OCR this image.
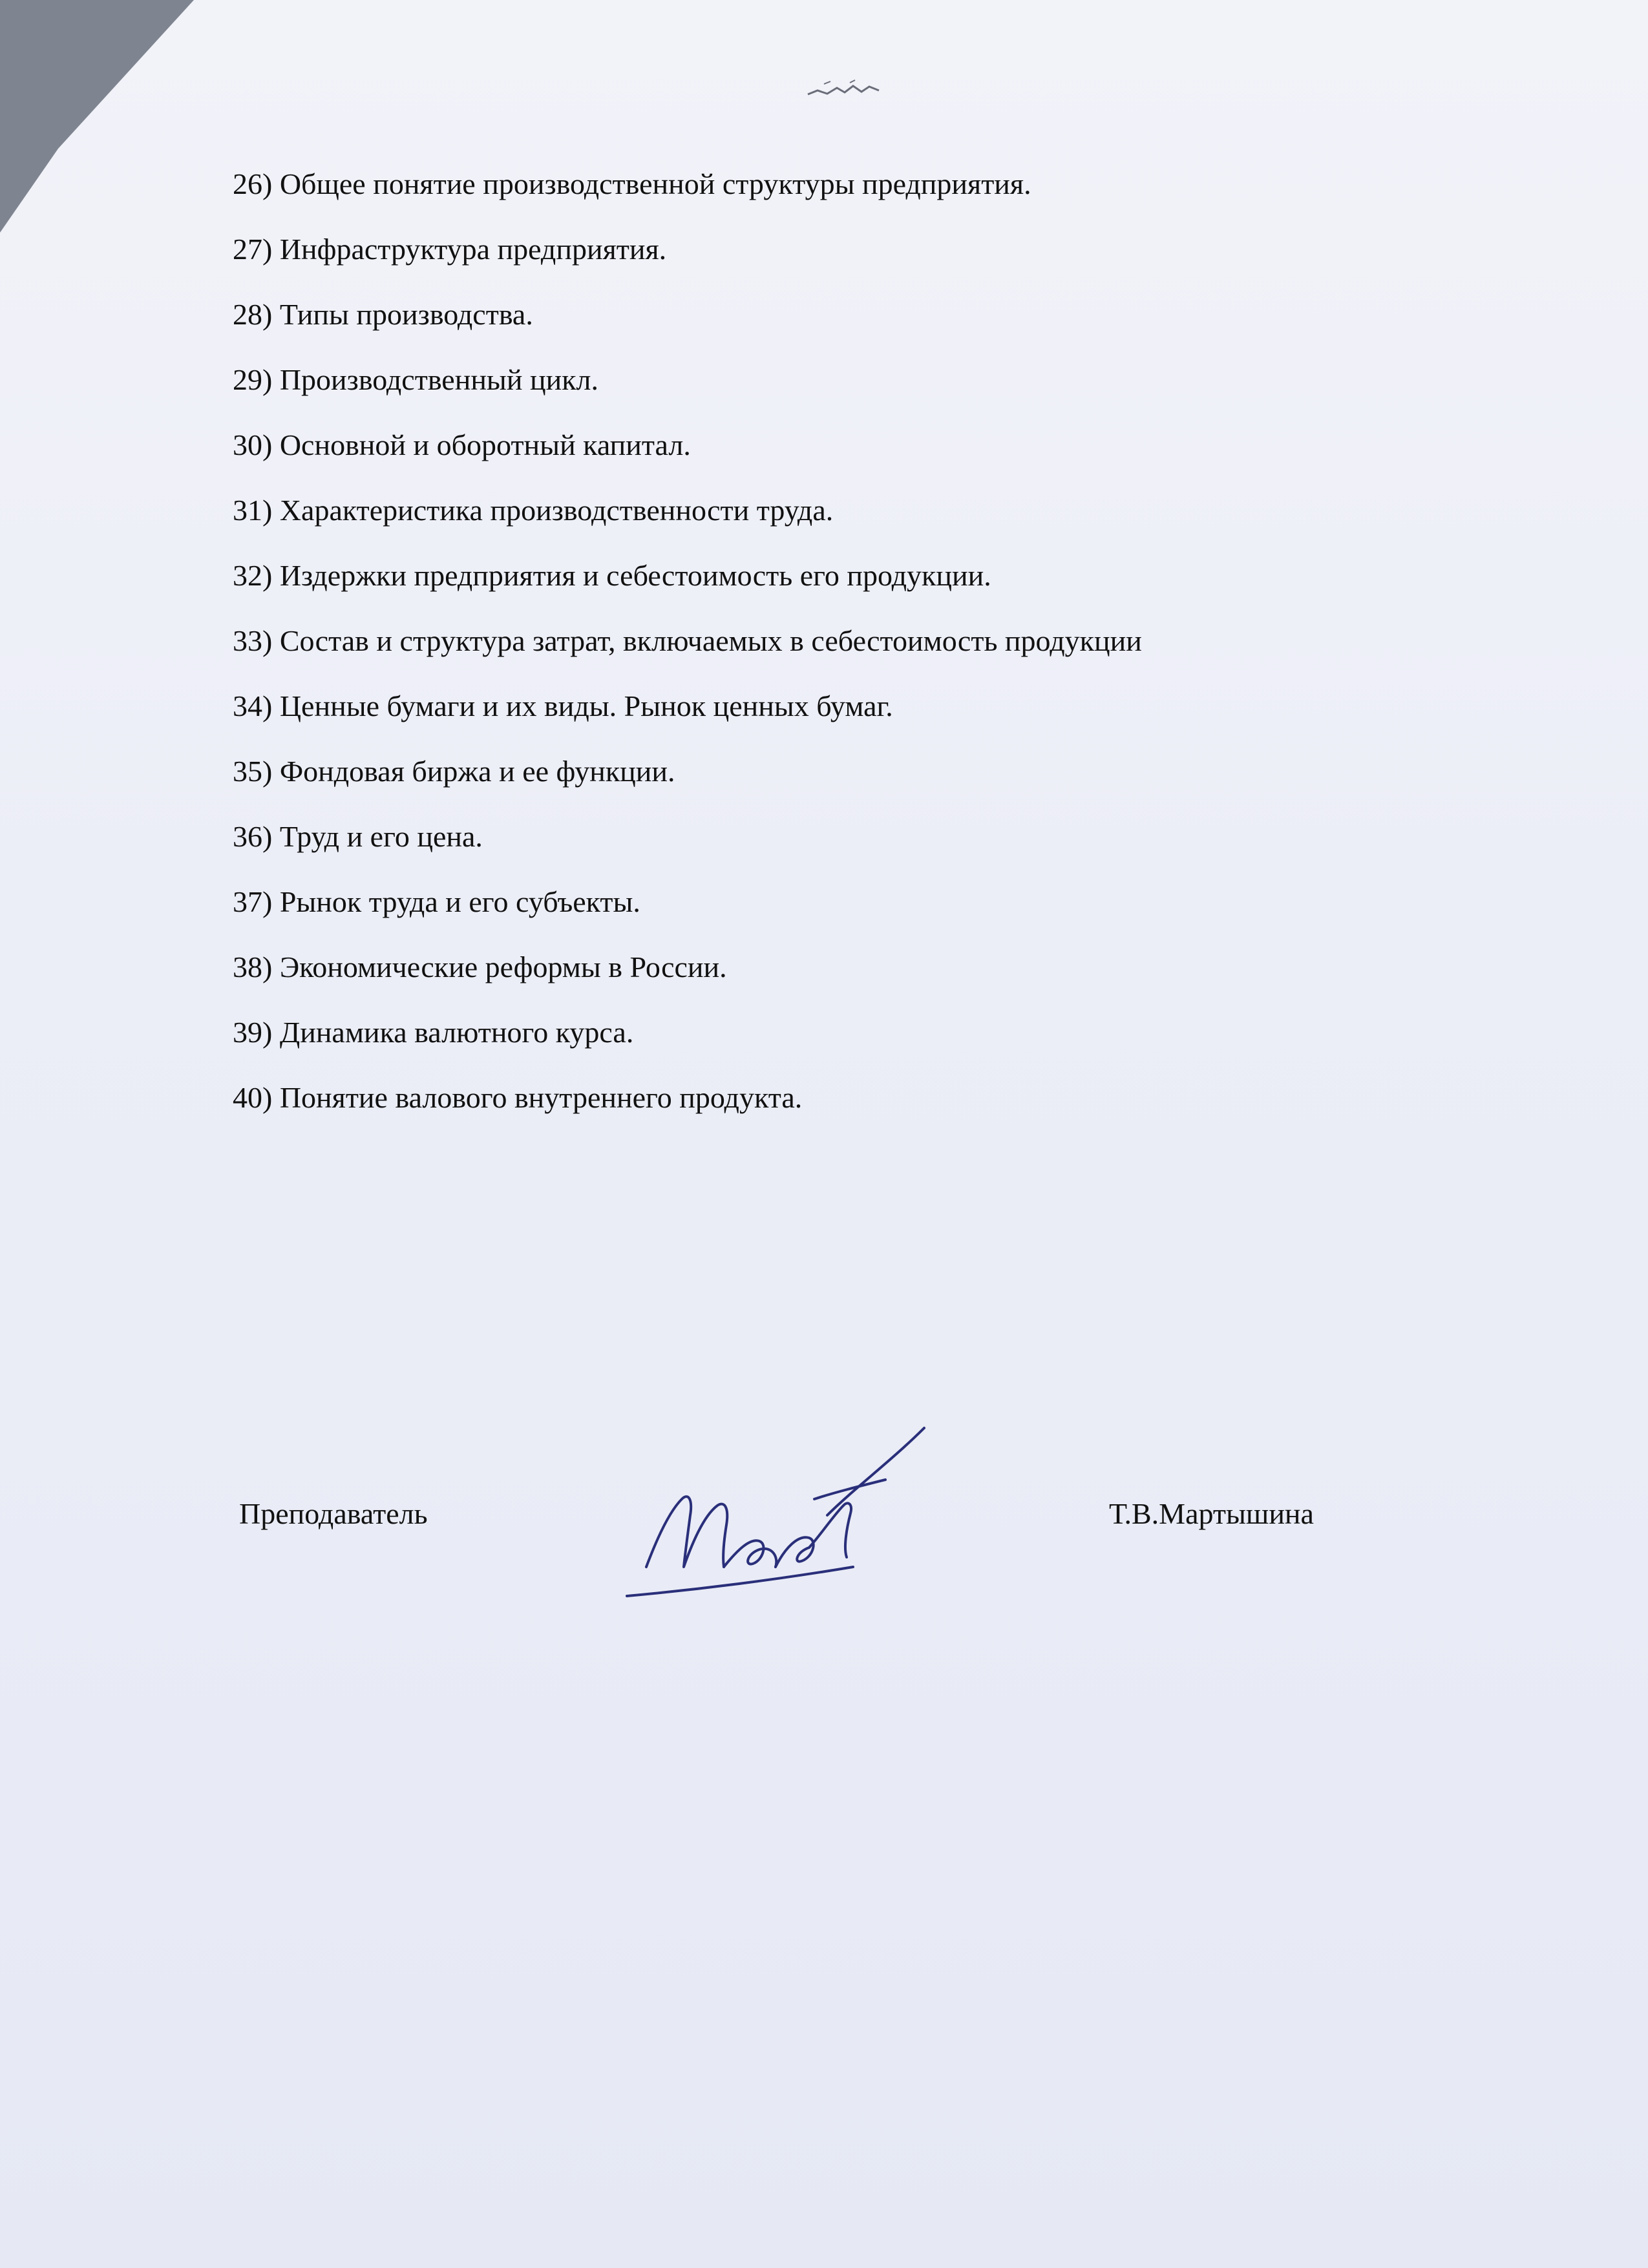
26) Общее понятие производственной структуры предприятия.
27) Инфраструктура предприятия.
28) Типы производства.
29) Производственный цикл.
30) Основной и оборотный капитал.
31) Характеристика производственности труда.
32) Издержки предприятия и себестоимость его продукции.
33) Состав и структура затрат, включаемых в себестоимость продукции
34) Ценные бумаги и их виды. Рынок ценных бумаг.
35) Фондовая биржа и ее функции.
36) Труд и его цена.
37) Рынок труда и его субъекты.
38) Экономические реформы в России.
39) Динамика валютного курса.
40) Понятие валового внутреннего продукта.
Преподаватель	Т.В.Мартышина
